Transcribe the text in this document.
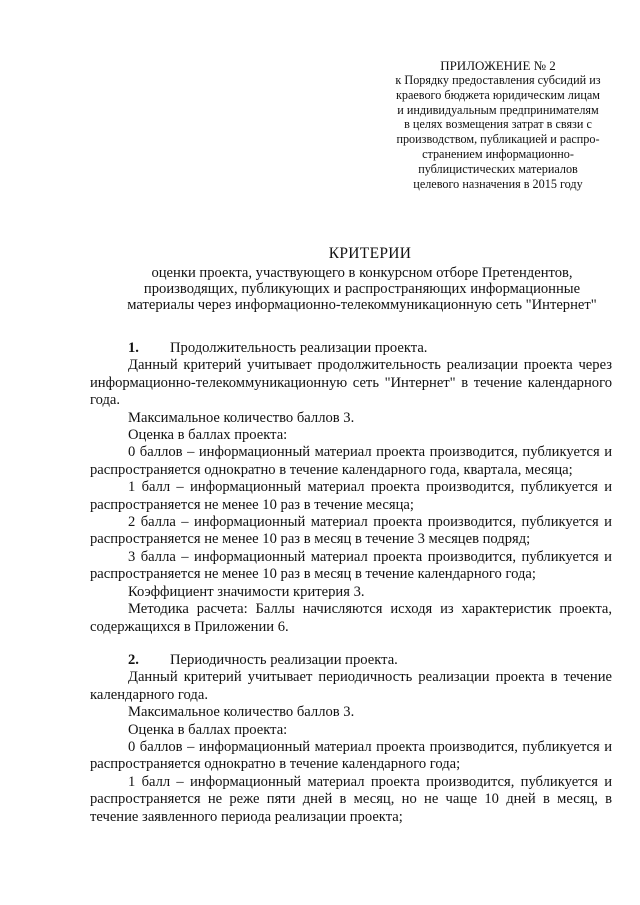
ПРИЛОЖЕНИЕ № 2
к Порядку предоставления субсидий из
краевого бюджета юридическим лицам
и индивидуальным предпринимателям
в целях возмещения затрат в связи с
производством, публикацией и распро-
странением информационно-
публицистических материалов
целевого назначения в 2015 году
КРИТЕРИИ
оценки проекта, участвующего в конкурсном отборе Претендентов, производящих, публикующих и распространяющих информационные материалы через информационно-телекоммуникационную сеть "Интернет"
1.	Продолжительность реализации проекта.

Данный критерий учитывает продолжительность реализации проекта через информационно-телекоммуникационную сеть "Интернет" в течение календарного года.

Максимальное количество баллов 3.

Оценка в баллах проекта:

0 баллов – информационный материал проекта производится, публикуется и распространяется однократно в течение календарного года, квартала, месяца;

1 балл – информационный материал проекта производится, публикуется и распространяется не менее 10 раз в течение месяца;

2 балла – информационный материал проекта производится, публикуется и распространяется не менее 10 раз в месяц в течение 3 месяцев подряд;

3 балла – информационный материал проекта производится, публикуется и распространяется не менее 10 раз в месяц в течение календарного года;

Коэффициент значимости критерия 3.

Методика расчета: Баллы начисляются исходя из характеристик проекта, содержащихся в Приложении 6.

2.	Периодичность реализации проекта.

Данный критерий учитывает периодичность реализации проекта в течение календарного года.

Максимальное количество баллов 3.

Оценка в баллах проекта:

0 баллов – информационный материал проекта производится, публикуется и распространяется однократно в течение календарного года;

1 балл – информационный материал проекта производится, публикуется и распространяется не реже пяти дней в месяц, но не чаще 10 дней в месяц, в течение заявленного периода реализации проекта;
